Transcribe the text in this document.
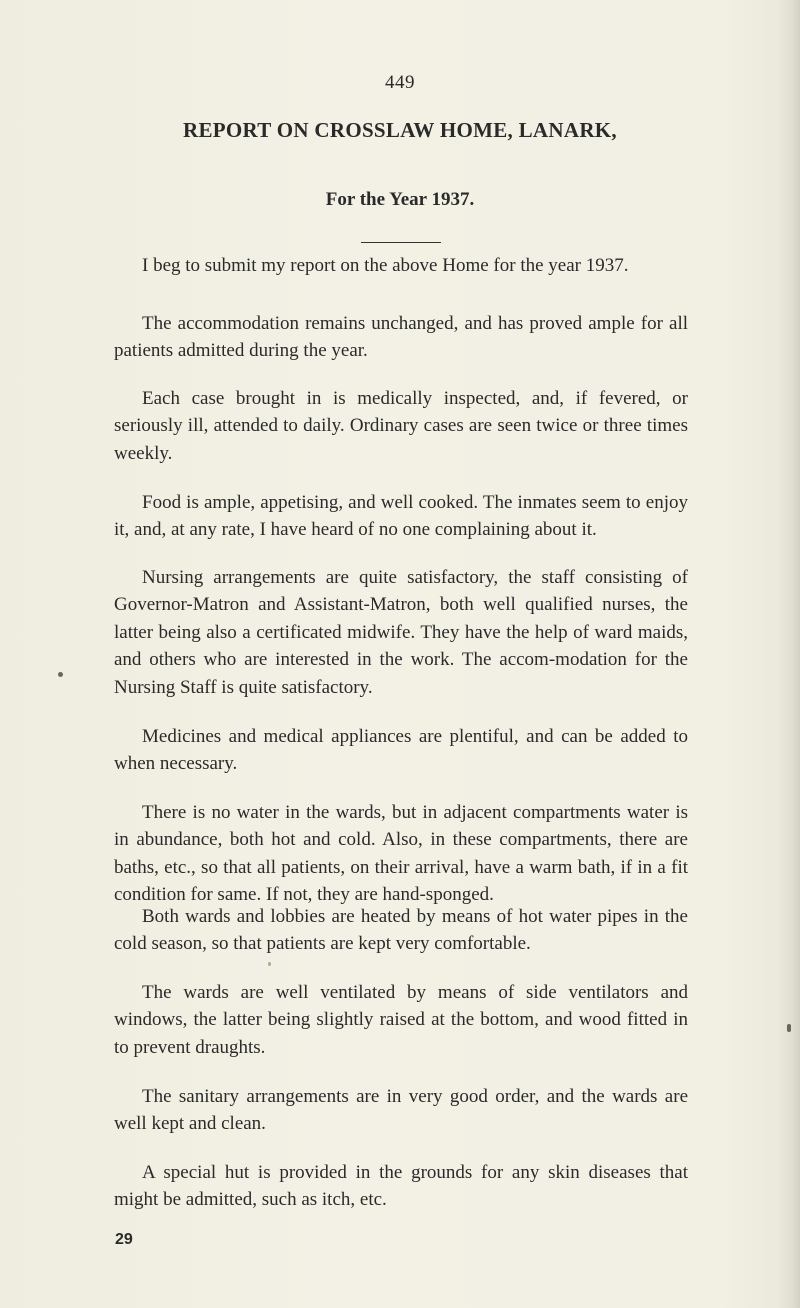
449
REPORT ON CROSSLAW HOME, LANARK,
For the Year 1937.

I beg to submit my report on the above Home for the year 1937.

The accommodation remains unchanged, and has proved ample for all patients admitted during the year.

Each case brought in is medically inspected, and, if fevered, or seriously ill, attended to daily. Ordinary cases are seen twice or three times weekly.

Food is ample, appetising, and well cooked. The inmates seem to enjoy it, and, at any rate, I have heard of no one complaining about it.

Nursing arrangements are quite satisfactory, the staff consisting of Governor-Matron and Assistant-Matron, both well qualified nurses, the latter being also a certificated midwife. They have the help of ward maids, and others who are interested in the work. The accom-modation for the Nursing Staff is quite satisfactory.

Medicines and medical appliances are plentiful, and can be added to when necessary.

There is no water in the wards, but in adjacent compartments water is in abundance, both hot and cold. Also, in these compartments, there are baths, etc., so that all patients, on their arrival, have a warm bath, if in a fit condition for same. If not, they are hand-sponged.

Both wards and lobbies are heated by means of hot water pipes in the cold season, so that patients are kept very comfortable.

The wards are well ventilated by means of side ventilators and windows, the latter being slightly raised at the bottom, and wood fitted in to prevent draughts.

The sanitary arrangements are in very good order, and the wards are well kept and clean.

A special hut is provided in the grounds for any skin diseases that might be admitted, such as itch, etc.

29
